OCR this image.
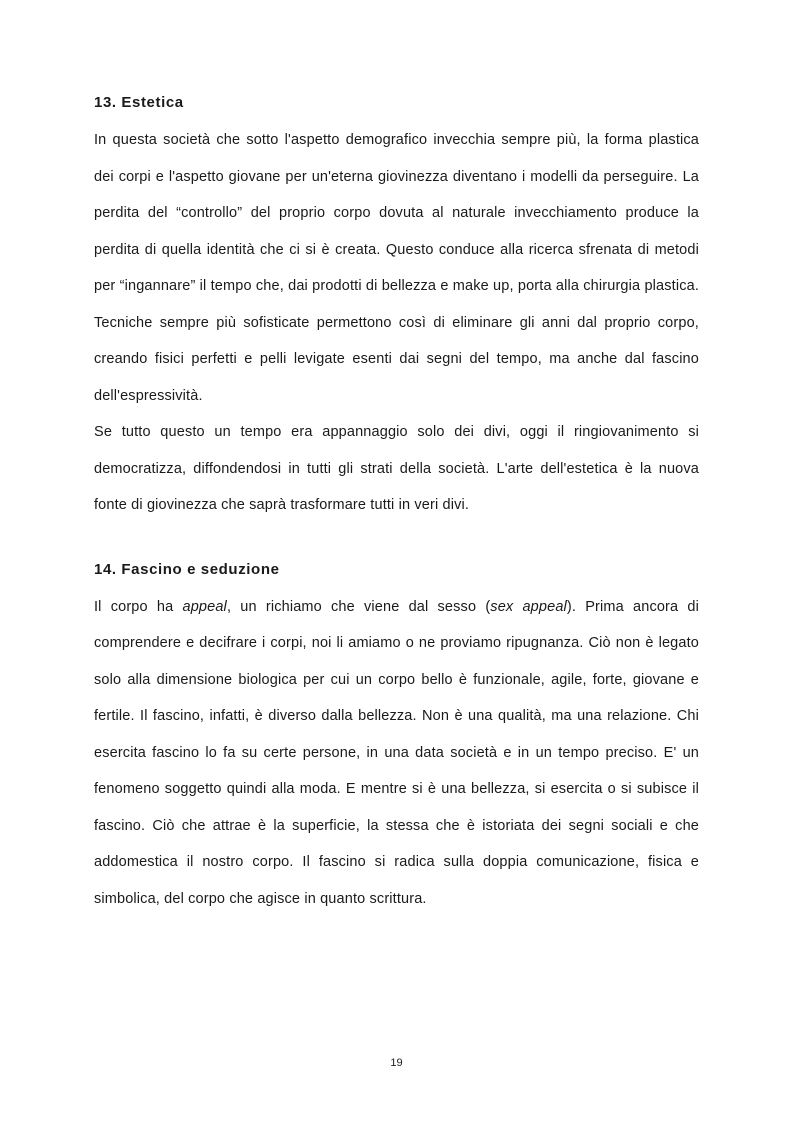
13. Estetica

In questa società che sotto l'aspetto demografico invecchia sempre più, la forma plastica dei corpi e l'aspetto giovane per un'eterna giovinezza diventano i modelli da perseguire. La perdita del “controllo” del proprio corpo dovuta al naturale invecchiamento produce la perdita di quella identità che ci si è creata. Questo conduce alla ricerca sfrenata di metodi per “ingannare” il tempo che, dai prodotti di bellezza e make up, porta alla chirurgia plastica. Tecniche sempre più sofisticate permettono così di eliminare gli anni dal proprio corpo, creando fisici perfetti e pelli levigate esenti dai segni del tempo, ma anche dal fascino dell'espressività.

Se tutto questo un tempo era appannaggio solo dei divi, oggi il ringiovanimento si democratizza, diffondendosi in tutti gli strati della società. L'arte dell'estetica è la nuova fonte di giovinezza che saprà trasformare tutti in veri divi.

14. Fascino e seduzione

Il corpo ha appeal, un richiamo che viene dal sesso (sex appeal). Prima ancora di comprendere e decifrare i corpi, noi li amiamo o ne proviamo ripugnanza. Ciò non è legato solo alla dimensione biologica per cui un corpo bello è funzionale, agile, forte, giovane e fertile. Il fascino, infatti, è diverso dalla bellezza. Non è una qualità, ma una relazione. Chi esercita fascino lo fa su certe persone, in una data società e in un tempo preciso. E' un fenomeno soggetto quindi alla moda. E mentre si è una bellezza, si esercita o si subisce il fascino. Ciò che attrae è la superficie, la stessa che è istoriata dei segni sociali e che addomestica il nostro corpo. Il fascino si radica sulla doppia comunicazione, fisica e simbolica, del corpo che agisce in quanto scrittura.

19
